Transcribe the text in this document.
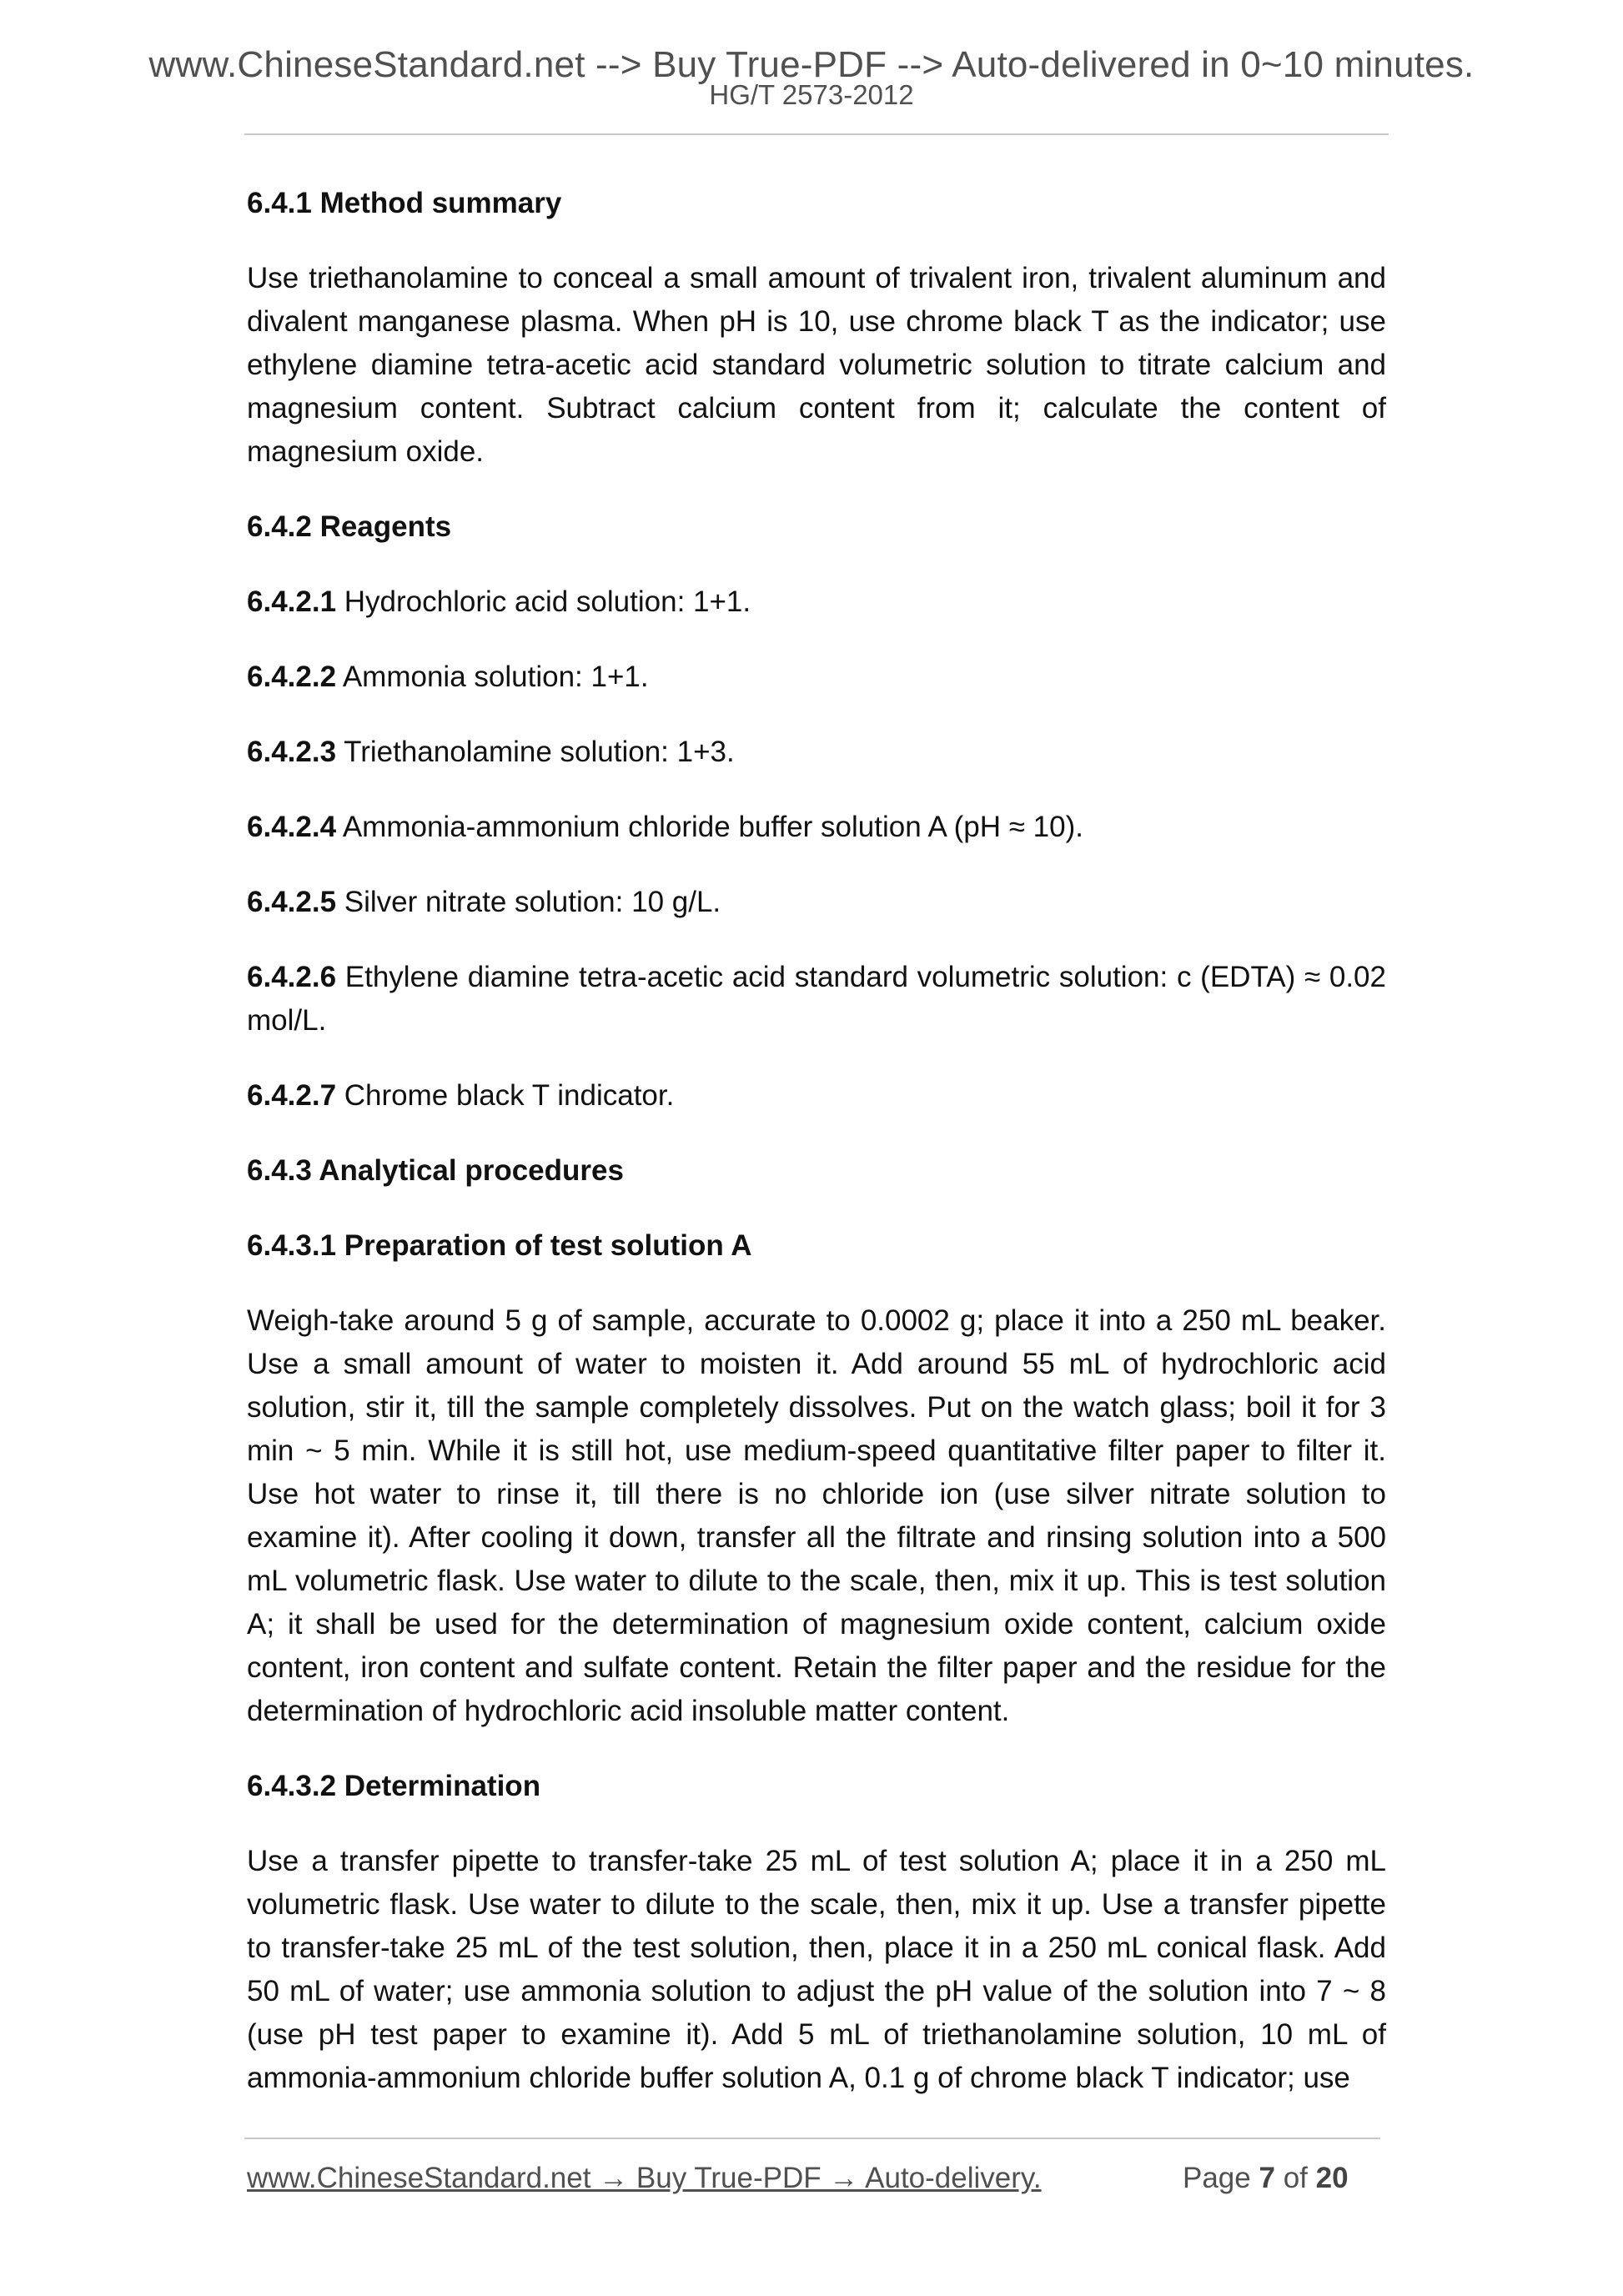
www.ChineseStandard.net --> Buy True-PDF --> Auto-delivered in 0~10 minutes.
HG/T 2573-2012

6.4.1 Method summary

Use triethanolamine to conceal a small amount of trivalent iron, trivalent aluminum and divalent manganese plasma. When pH is 10, use chrome black T as the indicator; use ethylene diamine tetra-acetic acid standard volumetric solution to titrate calcium and magnesium content. Subtract calcium content from it; calculate the content of magnesium oxide.

6.4.2 Reagents

6.4.2.1 Hydrochloric acid solution: 1+1.

6.4.2.2 Ammonia solution: 1+1.

6.4.2.3 Triethanolamine solution: 1+3.

6.4.2.4 Ammonia-ammonium chloride buffer solution A (pH ≈ 10).

6.4.2.5 Silver nitrate solution: 10 g/L.

6.4.2.6 Ethylene diamine tetra-acetic acid standard volumetric solution: c (EDTA) ≈ 0.02 mol/L.

6.4.2.7 Chrome black T indicator.

6.4.3 Analytical procedures

6.4.3.1 Preparation of test solution A

Weigh-take around 5 g of sample, accurate to 0.0002 g; place it into a 250 mL beaker. Use a small amount of water to moisten it. Add around 55 mL of hydrochloric acid solution, stir it, till the sample completely dissolves. Put on the watch glass; boil it for 3 min ~ 5 min. While it is still hot, use medium-speed quantitative filter paper to filter it. Use hot water to rinse it, till there is no chloride ion (use silver nitrate solution to examine it). After cooling it down, transfer all the filtrate and rinsing solution into a 500 mL volumetric flask. Use water to dilute to the scale, then, mix it up. This is test solution A; it shall be used for the determination of magnesium oxide content, calcium oxide content, iron content and sulfate content. Retain the filter paper and the residue for the determination of hydrochloric acid insoluble matter content.

6.4.3.2 Determination

Use a transfer pipette to transfer-take 25 mL of test solution A; place it in a 250 mL volumetric flask. Use water to dilute to the scale, then, mix it up. Use a transfer pipette to transfer-take 25 mL of the test solution, then, place it in a 250 mL conical flask. Add 50 mL of water; use ammonia solution to adjust the pH value of the solution into 7 ~ 8 (use pH test paper to examine it). Add 5 mL of triethanolamine solution, 10 mL of ammonia-ammonium chloride buffer solution A, 0.1 g of chrome black T indicator; use

www.ChineseStandard.net → Buy True-PDF → Auto-delivery.	Page 7 of 20
